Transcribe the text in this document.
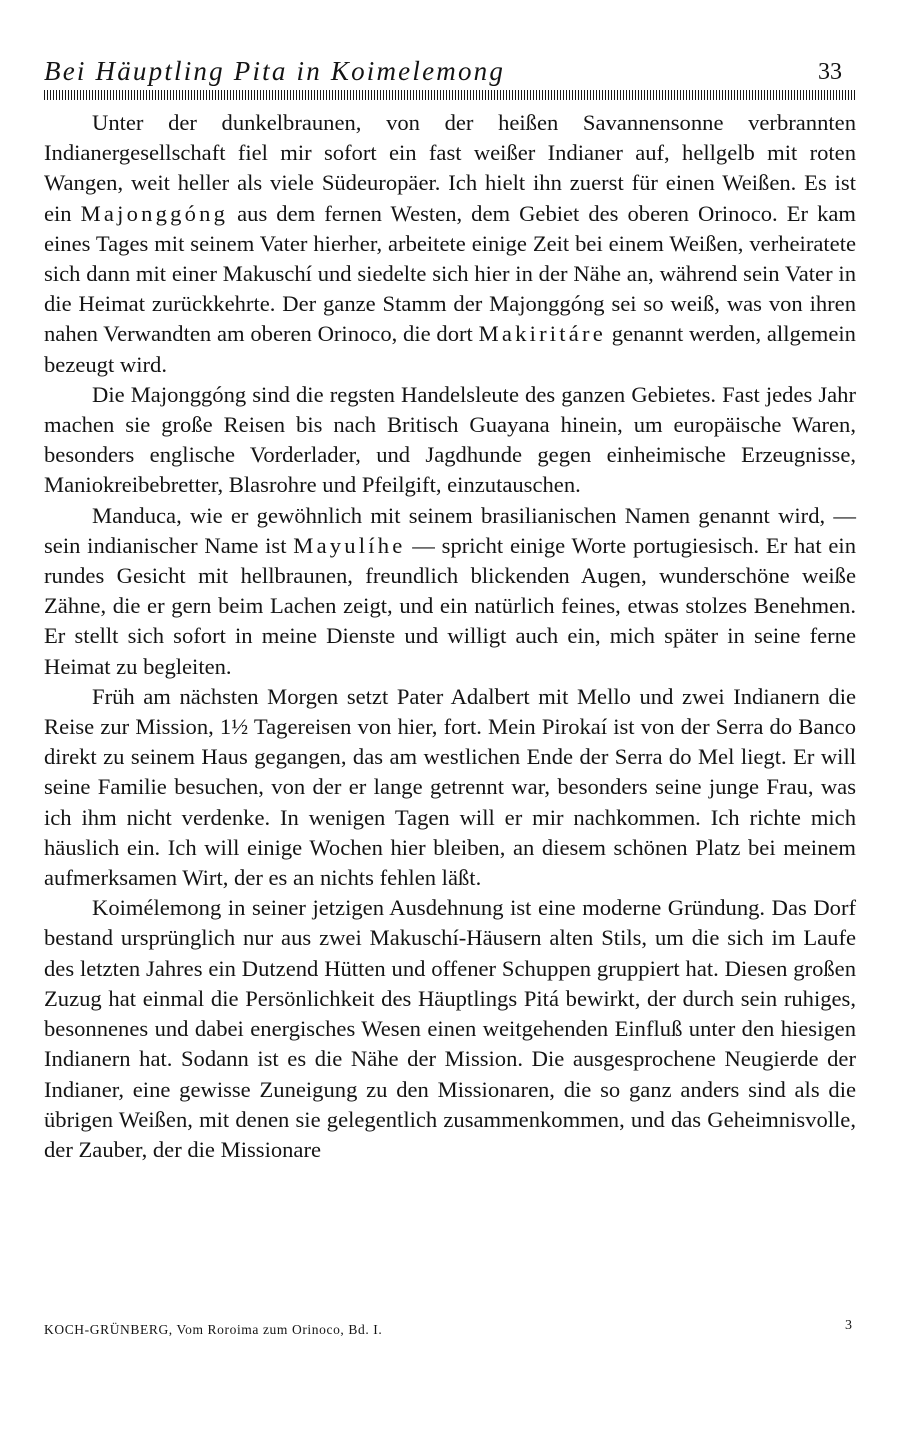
Bei Häuptling Pita in Koimelemong	33

Unter der dunkelbraunen, von der heißen Savannensonne verbrannten Indianergesellschaft fiel mir sofort ein fast weißer Indianer auf, hellgelb mit roten Wangen, weit heller als viele Südeuropäer. Ich hielt ihn zuerst für einen Weißen. Es ist ein Majonggóng aus dem fernen Westen, dem Gebiet des oberen Orinoco. Er kam eines Tages mit seinem Vater hierher, arbeitete einige Zeit bei einem Weißen, verheiratete sich dann mit einer Makuschí und siedelte sich hier in der Nähe an, während sein Vater in die Heimat zurückkehrte. Der ganze Stamm der Majonggóng sei so weiß, was von ihren nahen Verwandten am oberen Orinoco, die dort Makiritáre genannt werden, allgemein bezeugt wird.

Die Majonggóng sind die regsten Handelsleute des ganzen Gebietes. Fast jedes Jahr machen sie große Reisen bis nach Britisch Guayana hinein, um europäische Waren, besonders englische Vorderlader, und Jagdhunde gegen einheimische Erzeugnisse, Maniokreibebretter, Blasrohre und Pfeilgift, einzutauschen.

Manduca, wie er gewöhnlich mit seinem brasilianischen Namen genannt wird, — sein indianischer Name ist Mayulíhe — spricht einige Worte portugiesisch. Er hat ein rundes Gesicht mit hellbraunen, freundlich blickenden Augen, wunderschöne weiße Zähne, die er gern beim Lachen zeigt, und ein natürlich feines, etwas stolzes Benehmen. Er stellt sich sofort in meine Dienste und willigt auch ein, mich später in seine ferne Heimat zu begleiten.

Früh am nächsten Morgen setzt Pater Adalbert mit Mello und zwei Indianern die Reise zur Mission, 1½ Tagereisen von hier, fort. Mein Pirokaí ist von der Serra do Banco direkt zu seinem Haus gegangen, das am westlichen Ende der Serra do Mel liegt. Er will seine Familie besuchen, von der er lange getrennt war, besonders seine junge Frau, was ich ihm nicht verdenke. In wenigen Tagen will er mir nachkommen. Ich richte mich häuslich ein. Ich will einige Wochen hier bleiben, an diesem schönen Platz bei meinem aufmerksamen Wirt, der es an nichts fehlen läßt.

Koimélemong in seiner jetzigen Ausdehnung ist eine moderne Gründung. Das Dorf bestand ursprünglich nur aus zwei Makuschí-Häusern alten Stils, um die sich im Laufe des letzten Jahres ein Dutzend Hütten und offener Schuppen gruppiert hat. Diesen großen Zuzug hat einmal die Persönlichkeit des Häuptlings Pitá bewirkt, der durch sein ruhiges, besonnenes und dabei energisches Wesen einen weitgehenden Einfluß unter den hiesigen Indianern hat. Sodann ist es die Nähe der Mission. Die ausgesprochene Neugierde der Indianer, eine gewisse Zuneigung zu den Missionaren, die so ganz anders sind als die übrigen Weißen, mit denen sie gelegentlich zusammenkommen, und das Geheimnisvolle, der Zauber, der die Missionare

KOCH-GRÜNBERG, Vom Roroima zum Orinoco, Bd. I.	3
